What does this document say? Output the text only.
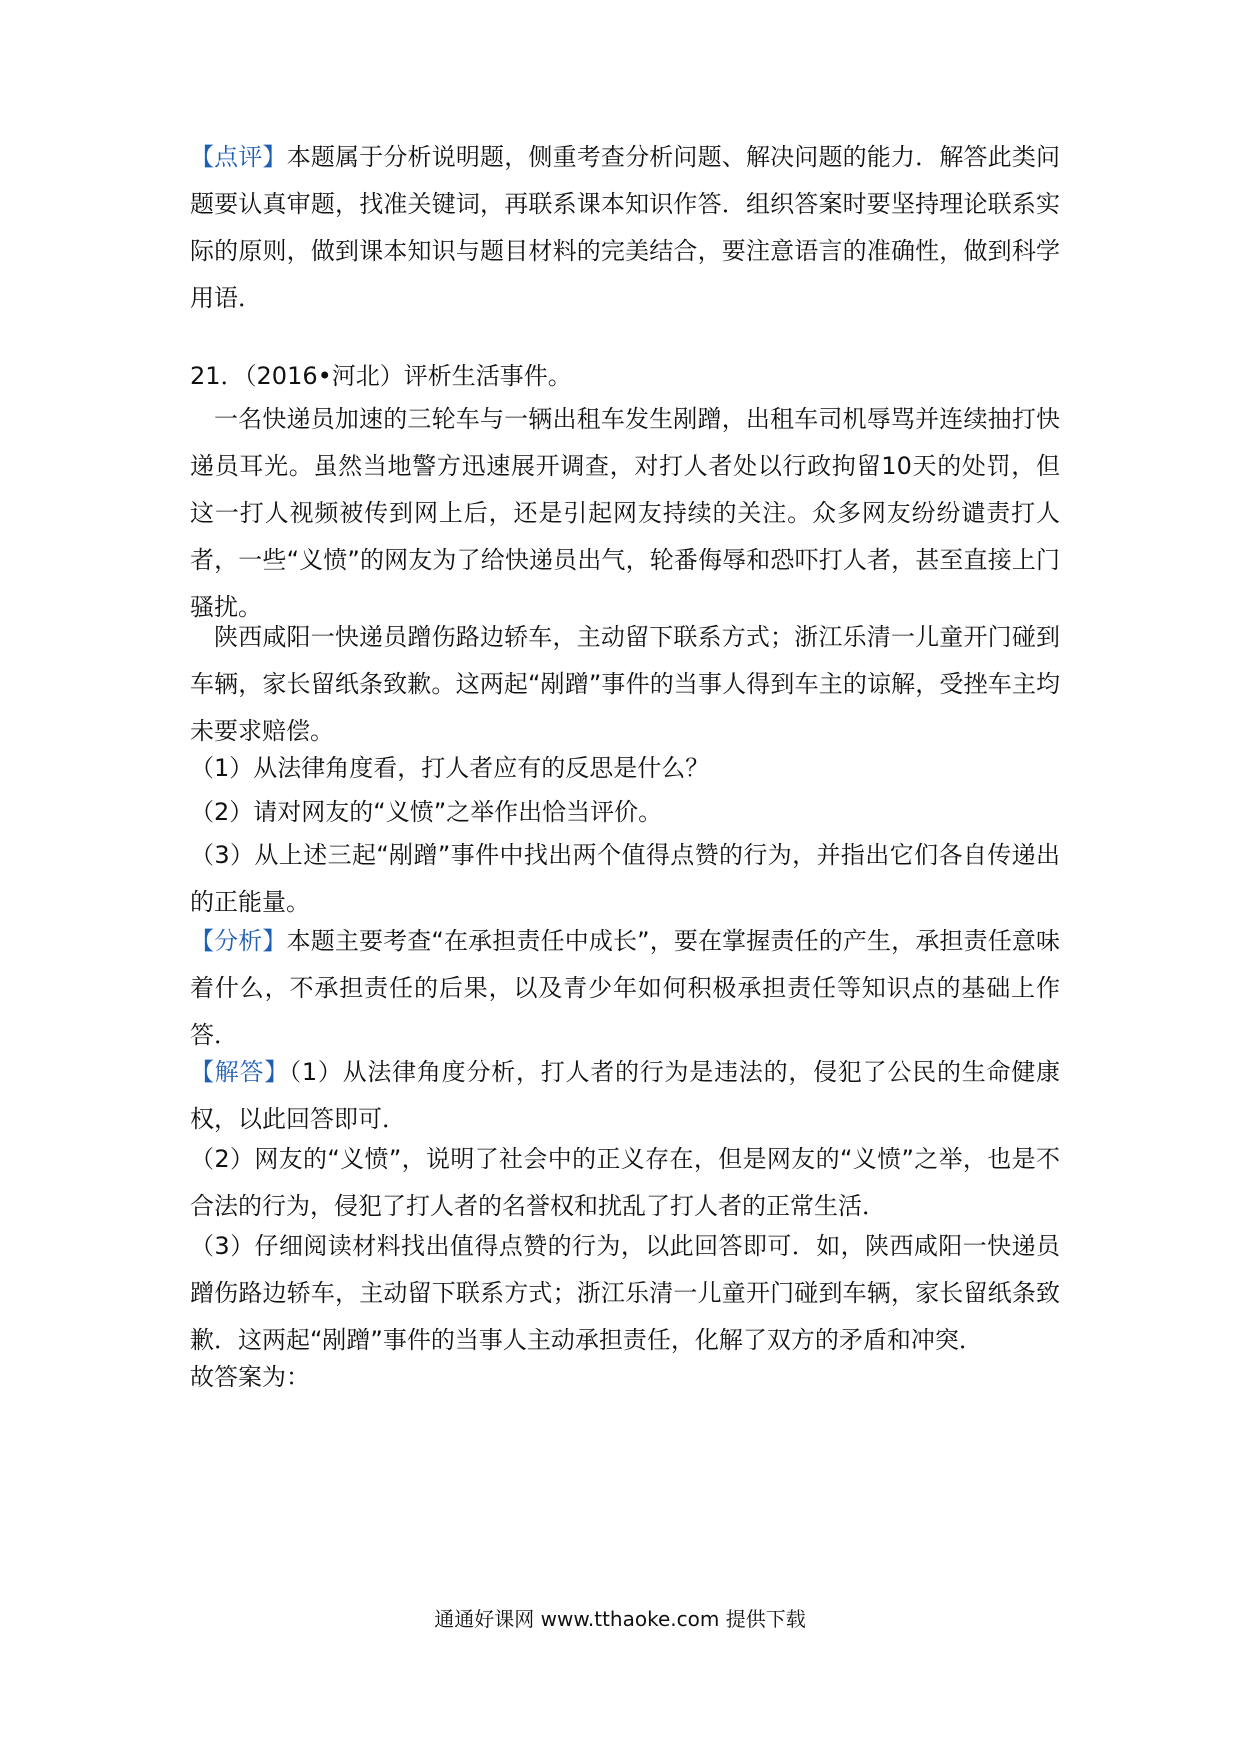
【点评】本题属于分析说明题，侧重考查分析问题、解决问题的能力．解答此类问题要认真审题，找准关键词，再联系课本知识作答．组织答案时要坚持理论联系实际的原则，做到课本知识与题目材料的完美结合，要注意语言的准确性，做到科学用语．
21．（2016•河北）评析生活事件。
一名快递员加速的三轮车与一辆出租车发生剐蹭，出租车司机辱骂并连续抽打快递员耳光。虽然当地警方迅速展开调查，对打人者处以行政拘留10天的处罚，但这一打人视频被传到网上后，还是引起网友持续的关注。众多网友纷纷谴责打人者，一些“义愤”的网友为了给快递员出气，轮番侮辱和恐吓打人者，甚至直接上门骚扰。
陕西咸阳一快递员蹭伤路边轿车，主动留下联系方式；浙江乐清一儿童开门碰到车辆，家长留纸条致歉。这两起“剐蹭”事件的当事人得到车主的谅解，受挫车主均未要求赔偿。
（1）从法律角度看，打人者应有的反思是什么？
（2）请对网友的“义愤”之举作出恰当评价。
（3）从上述三起“剐蹭”事件中找出两个值得点赞的行为，并指出它们各自传递出的正能量。
【分析】本题主要考查“在承担责任中成长”，要在掌握责任的产生，承担责任意味着什么，不承担责任的后果，以及青少年如何积极承担责任等知识点的基础上作答．
【解答】（1）从法律角度分析，打人者的行为是违法的，侵犯了公民的生命健康权，以此回答即可．
（2）网友的“义愤”，说明了社会中的正义存在，但是网友的“义愤”之举，也是不合法的行为，侵犯了打人者的名誉权和扰乱了打人者的正常生活．
（3）仔细阅读材料找出值得点赞的行为，以此回答即可．如，陕西咸阳一快递员蹭伤路边轿车，主动留下联系方式；浙江乐清一儿童开门碰到车辆，家长留纸条致歉．这两起“剐蹭”事件的当事人主动承担责任，化解了双方的矛盾和冲突．
故答案为：
通通好课网 www.tthaoke.com 提供下载
